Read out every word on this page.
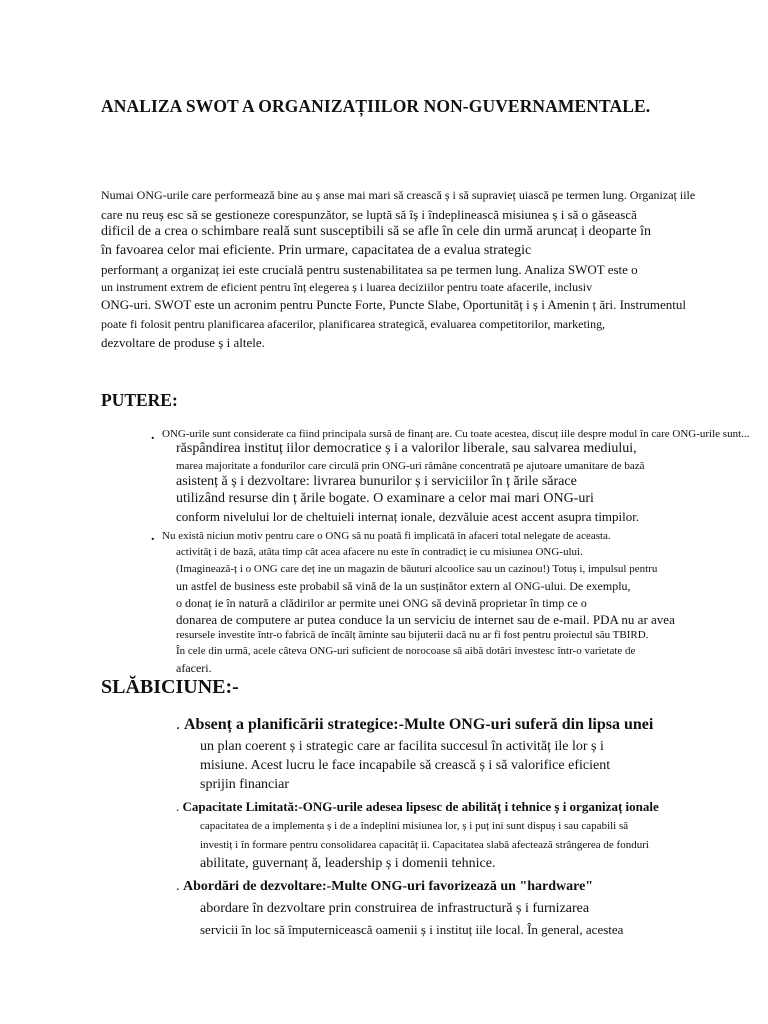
ANALIZA SWOT A ORGANIZAȚIILOR NON-GUVERNAMENTALE.
Numai ONG-urile care performează bine au ș anse mai mari să crească ș i să supravieț uiască pe termen lung. Organizaț iile
care nu reuș esc să se gestioneze corespunzător, se luptă să îș i îndeplinească misiunea ș i să o găsească
dificil de a crea o schimbare reală sunt susceptibili să se afle în cele din urmă aruncaț i deoparte în
în favoarea celor mai eficiente. Prin urmare, capacitatea de a evalua strategic
performanț a organizaț iei este crucială pentru sustenabilitatea sa pe termen lung. Analiza SWOT este o
un instrument extrem de eficient pentru înț elegerea ș i luarea deciziilor pentru toate afacerile, inclusiv
ONG-uri. SWOT este un acronim pentru Puncte Forte, Puncte Slabe, Oportunităț i ș i Amenin ț ări. Instrumentul
poate fi folosit pentru planificarea afacerilor, planificarea strategică, evaluarea competitorilor, marketing,
dezvoltare de produse ș i altele.
PUTERE:
. ONG-urile sunt considerate ca fiind principala sursă de finanț are. Cu toate acestea, discuț iile despre modul în care ONG-urile sunt...
răspândirea instituț iilor democratice ș i a valorilor liberale, sau salvarea mediului,
marea majoritate a fondurilor care circulă prin ONG-uri rămâne concentrată pe ajutoare umanitare de bază
asistenț ă ș i dezvoltare: livrarea bunurilor ș i serviciilor în ț ările sărace
utilizând resurse din ț ările bogate. O examinare a celor mai mari ONG-uri
conform nivelului lor de cheltuieli internaț ionale, dezvăluie acest accent asupra timpilor.
. Nu există niciun motiv pentru care o ONG să nu poată fi implicată în afaceri total nelegate de aceasta.
activităț i de bază, atâta timp cât acea afacere nu este în contradicț ie cu misiunea ONG-ului.
(Imaginează-ț i o ONG care deț ine un magazin de băuturi alcoolice sau un cazinou!) Totuș i, impulsul pentru
un astfel de business este probabil să vină de la un susținător extern al ONG-ului. De exemplu,
o donaț ie în natură a clădirilor ar permite unei ONG să devină proprietar în timp ce o
donarea de computere ar putea conduce la un serviciu de internet sau de e-mail. PDA nu ar avea
resursele investite într-o fabrică de încălț ăminte sau bijuterii dacă nu ar fi fost pentru proiectul său TBIRD.
În cele din urmă, acele câteva ONG-uri suficient de norocoase să aibă dotări investesc într-o varietate de
afaceri.
SLĂBICIUNE:-
. Absenț a planificării strategice:-Multe ONG-uri suferă din lipsa unei
un plan coerent ș i strategic care ar facilita succesul în activităț ile lor ș i
misiune. Acest lucru le face incapabile să crească ș i să valorifice eficient
sprijin financiar
. Capacitate Limitată:-ONG-urile adesea lipsesc de abilităț i tehnice ș i organizaț ionale
capacitatea de a implementa ș i de a îndeplini misiunea lor, ș i puț ini sunt dispuș i sau capabili să
investiț i în formare pentru consolidarea capacităț ii. Capacitatea slabă afectează strângerea de fonduri
abilitate, guvernanț ă, leadership ș i domenii tehnice.
. Abordări de dezvoltare:-Multe ONG-uri favorizează un "hardware"
abordare în dezvoltare prin construirea de infrastructură ș i furnizarea
servicii în loc să împuternicească oamenii ș i instituț iile local. În general, acestea
